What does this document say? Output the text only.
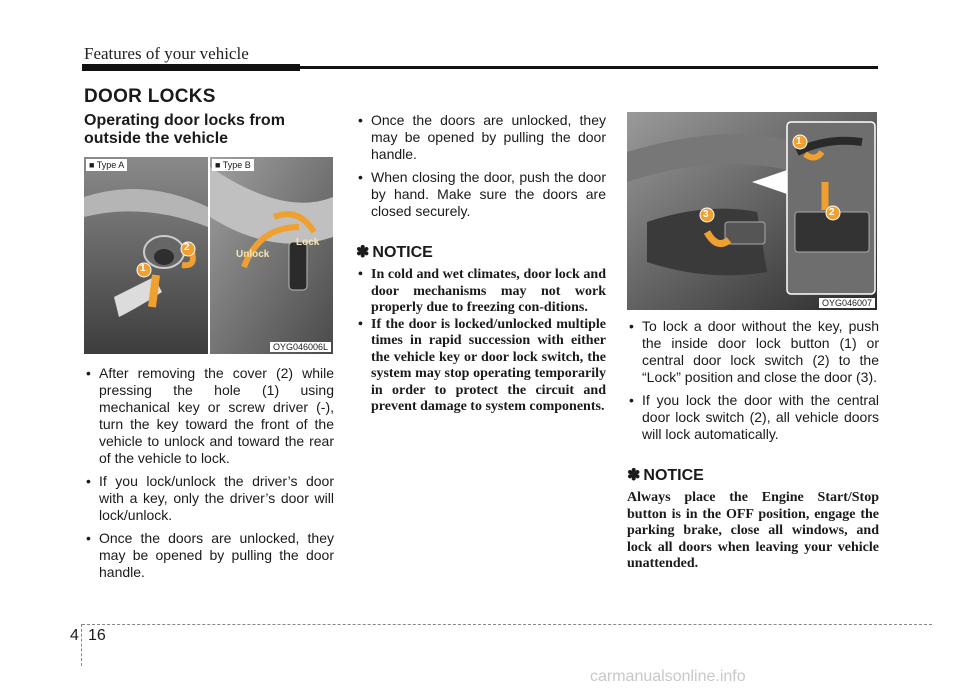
Features of your vehicle
DOOR LOCKS

Operating door locks from
outside the vehicle

■ Type A	■ Type B
1
2
Unlock
Lock
OYG046006L
• After removing the cover (2) while pressing the hole (1) using mechanical key or screw driver (-), turn the key toward the front of the vehicle to unlock and toward the rear of the vehicle to lock.
• If you lock/unlock the driver’s door with a key, only the driver’s door will lock/unlock.
• Once the doors are unlocked, they may be opened by pulling the door handle.
• Once the doors are unlocked, they may be opened by pulling the door handle.
• When closing the door, push the door by hand. Make sure the doors are closed securely.

✽ NOTICE

• In cold and wet climates, door lock and door mechanisms may not work properly due to freezing con-ditions.
• If the door is locked/unlocked multiple times in rapid succession with either the vehicle key or door lock switch, the system may stop operating temporarily in order to protect the circuit and prevent damage to system components.
1
2
3
OYG046007
• To lock a door without the key, push the inside door lock button (1) or central door lock switch (2) to the “Lock” position and close the door (3).
• If you lock the door with the central door lock switch (2), all vehicle doors will lock automatically.

✽ NOTICE

Always place the Engine Start/Stop button is in the OFF position, engage the parking brake, close all windows, and lock all doors when leaving your vehicle unattended.

4 16
carmanualsonline.info
